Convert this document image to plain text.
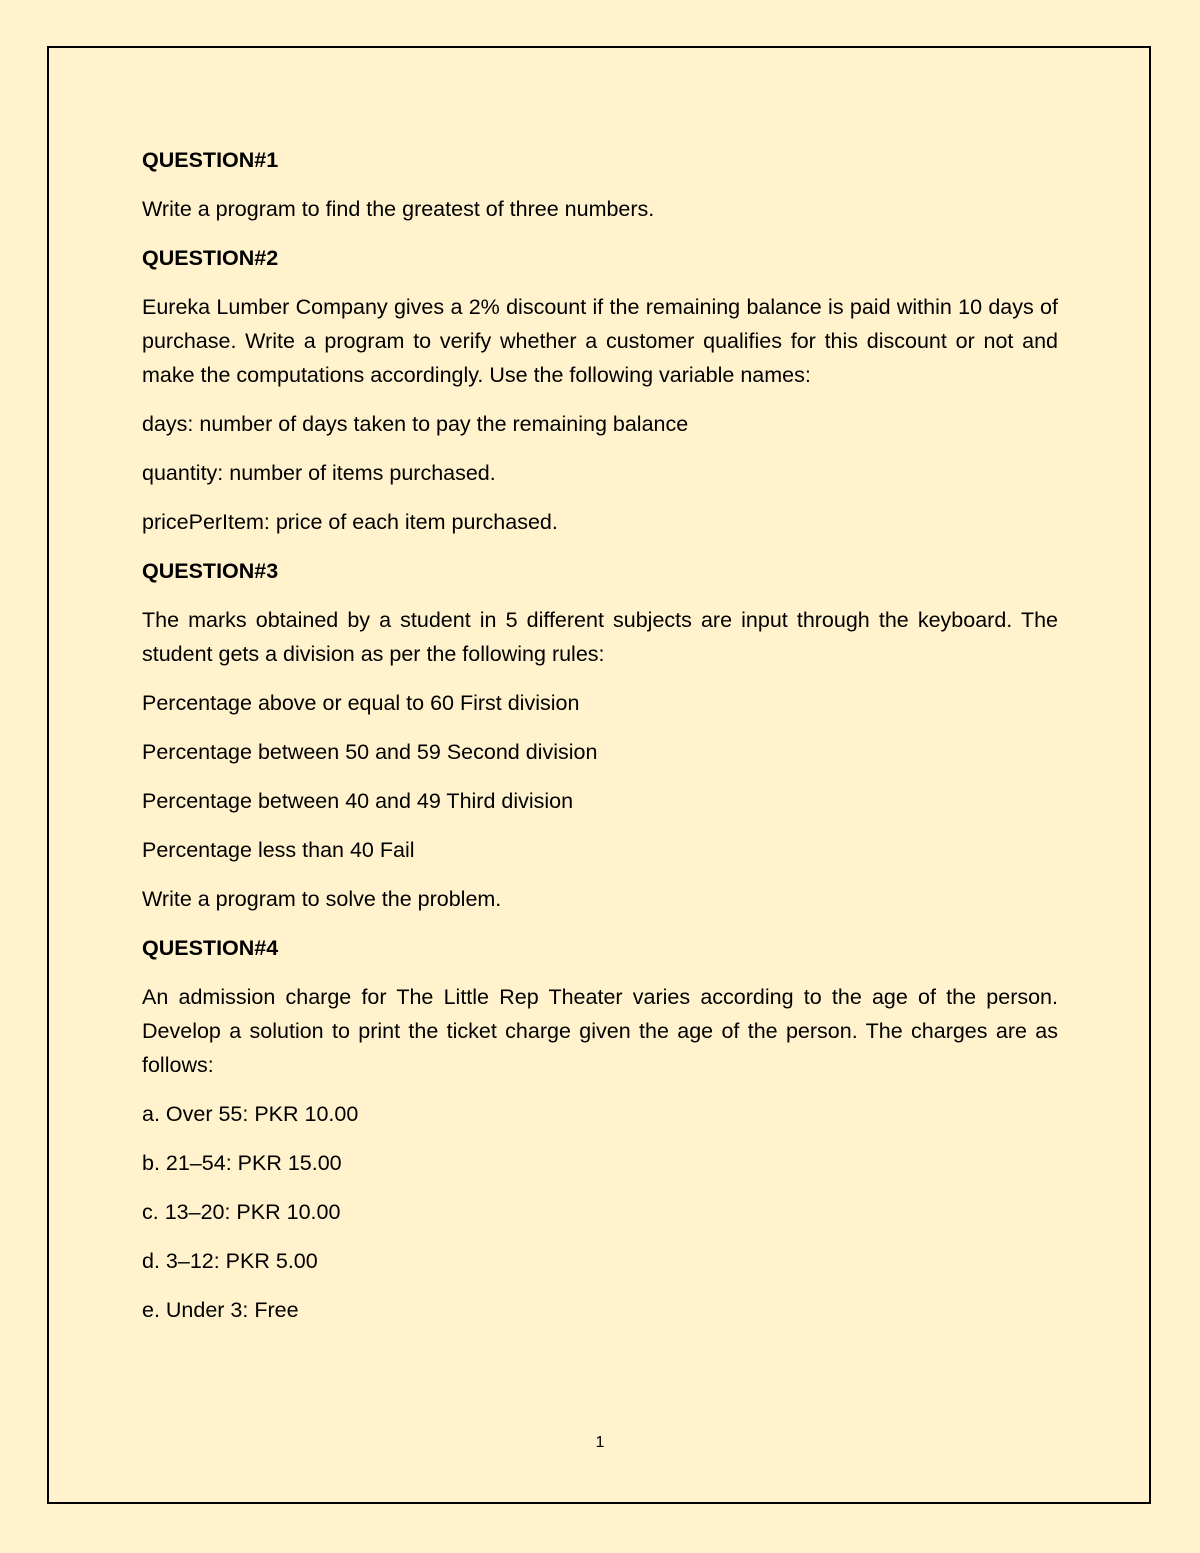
QUESTION#1
Write a program to find the greatest of three numbers.
QUESTION#2
Eureka Lumber Company gives a 2% discount if the remaining balance is paid within 10 days of purchase. Write a program to verify whether a customer qualifies for this discount or not and make the computations accordingly. Use the following variable names:
days: number of days taken to pay the remaining balance
quantity: number of items purchased.
pricePerItem: price of each item purchased.
QUESTION#3
The marks obtained by a student in 5 different subjects are input through the keyboard. The student gets a division as per the following rules:
Percentage above or equal to 60 First division
Percentage between 50 and 59 Second division
Percentage between 40 and 49 Third division
Percentage less than 40 Fail
Write a program to solve the problem.
QUESTION#4
An admission charge for The Little Rep Theater varies according to the age of the person. Develop a solution to print the ticket charge given the age of the person. The charges are as follows:
a. Over 55: PKR 10.00
b. 21–54: PKR 15.00
c. 13–20: PKR 10.00
d. 3–12: PKR 5.00
e. Under 3: Free
1
